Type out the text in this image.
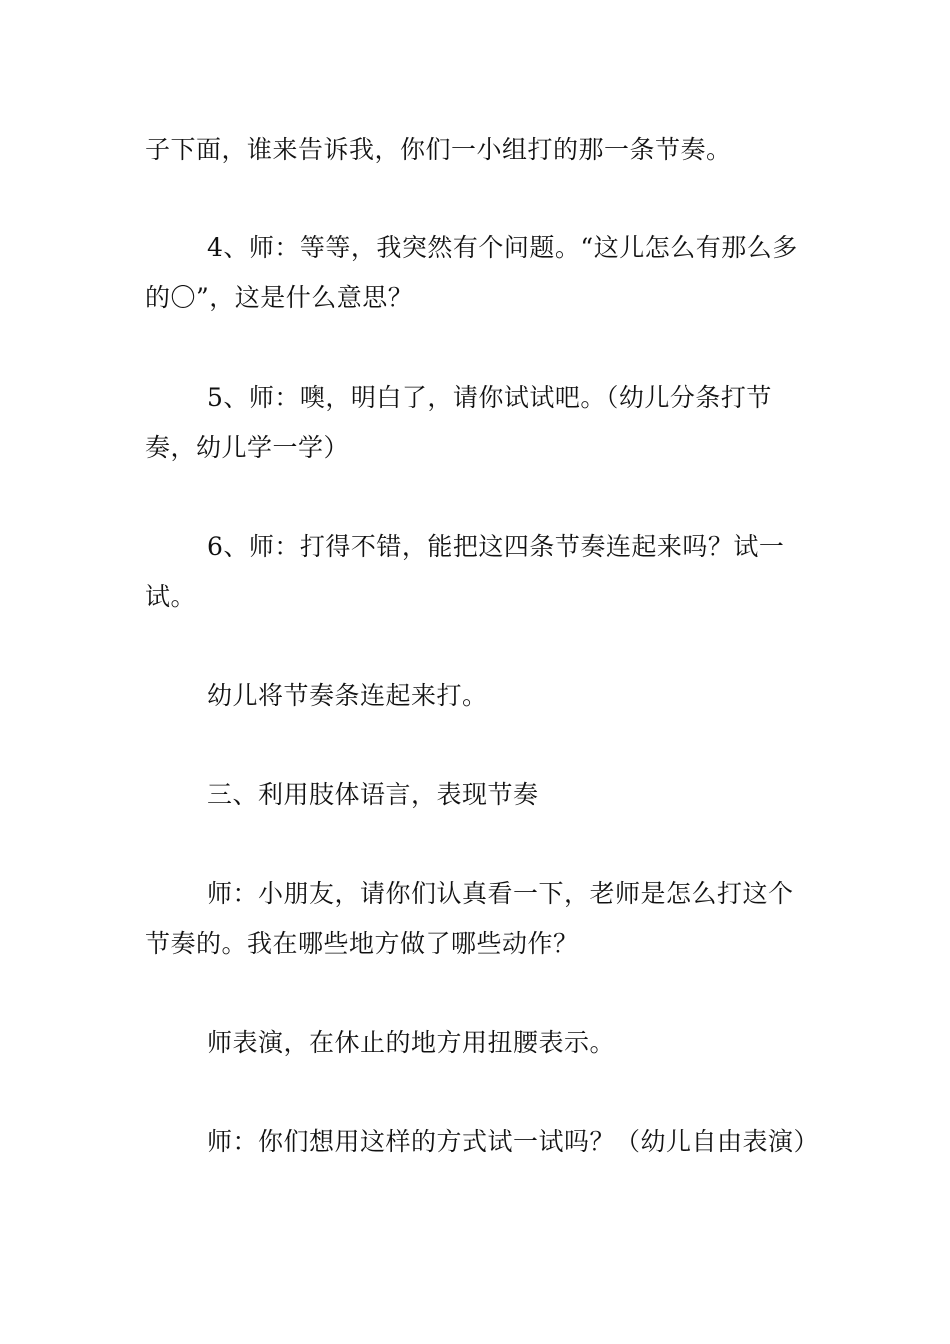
子下面，谁来告诉我，你们一小组打的那一条节奏。

4、师：等等，我突然有个问题。“这儿怎么有那么多的〇”，这是什么意思？

5、师：噢，明白了，请你试试吧。（幼儿分条打节奏，幼儿学一学）

6、师：打得不错，能把这四条节奏连起来吗？试一试。

幼儿将节奏条连起来打。

三、利用肢体语言，表现节奏

师：小朋友，请你们认真看一下，老师是怎么打这个节奏的。我在哪些地方做了哪些动作？

师表演，在休止的地方用扭腰表示。

师：你们想用这样的方式试一试吗？（幼儿自由表演）
